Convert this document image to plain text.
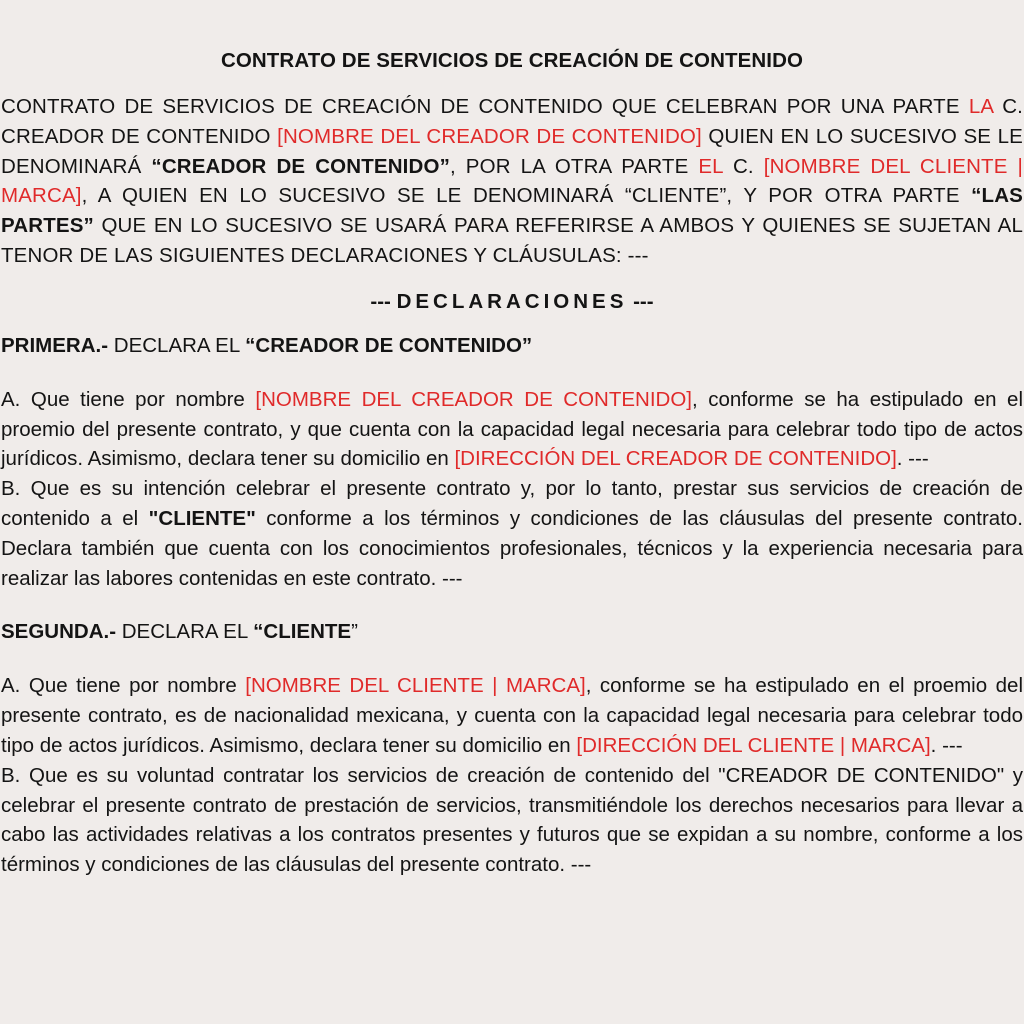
CONTRATO DE SERVICIOS DE CREACIÓN DE CONTENIDO

CONTRATO DE SERVICIOS DE CREACIÓN DE CONTENIDO QUE CELEBRAN POR UNA PARTE LA C. CREADOR DE CONTENIDO [NOMBRE DEL CREADOR DE CONTENIDO] QUIEN EN LO SUCESIVO SE LE DENOMINARÁ “CREADOR DE CONTENIDO”, POR LA OTRA PARTE EL C. [NOMBRE DEL CLIENTE | MARCA], A QUIEN EN LO SUCESIVO SE LE DENOMINARÁ “CLIENTE”, Y POR OTRA PARTE “LAS PARTES” QUE EN LO SUCESIVO SE USARÁ PARA REFERIRSE A AMBOS Y QUIENES SE SUJETAN AL TENOR DE LAS SIGUIENTES DECLARACIONES Y CLÁUSULAS: ---

--- DECLARACIONES ---
PRIMERA.- DECLARA EL “CREADOR DE CONTENIDO”

A. Que tiene por nombre [NOMBRE DEL CREADOR DE CONTENIDO], conforme se ha estipulado en el proemio del presente contrato, y que cuenta con la capacidad legal necesaria para celebrar todo tipo de actos jurídicos. Asimismo, declara tener su domicilio en [DIRECCIÓN DEL CREADOR DE CONTENIDO]. ---

B. Que es su intención celebrar el presente contrato y, por lo tanto, prestar sus servicios de creación de contenido a el "CLIENTE" conforme a los términos y condiciones de las cláusulas del presente contrato. Declara también que cuenta con los conocimientos profesionales, técnicos y la experiencia necesaria para realizar las labores contenidas en este contrato. ---

SEGUNDA.- DECLARA EL “CLIENTE”

A. Que tiene por nombre [NOMBRE DEL CLIENTE | MARCA], conforme se ha estipulado en el proemio del presente contrato, es de nacionalidad mexicana, y cuenta con la capacidad legal necesaria para celebrar todo tipo de actos jurídicos. Asimismo, declara tener su domicilio en [DIRECCIÓN DEL CLIENTE | MARCA]. ---

B. Que es su voluntad contratar los servicios de creación de contenido del "CREADOR DE CONTENIDO" y celebrar el presente contrato de prestación de servicios, transmitiéndole los derechos necesarios para llevar a cabo las actividades relativas a los contratos presentes y futuros que se expidan a su nombre, conforme a los términos y condiciones de las cláusulas del presente contrato. ---
